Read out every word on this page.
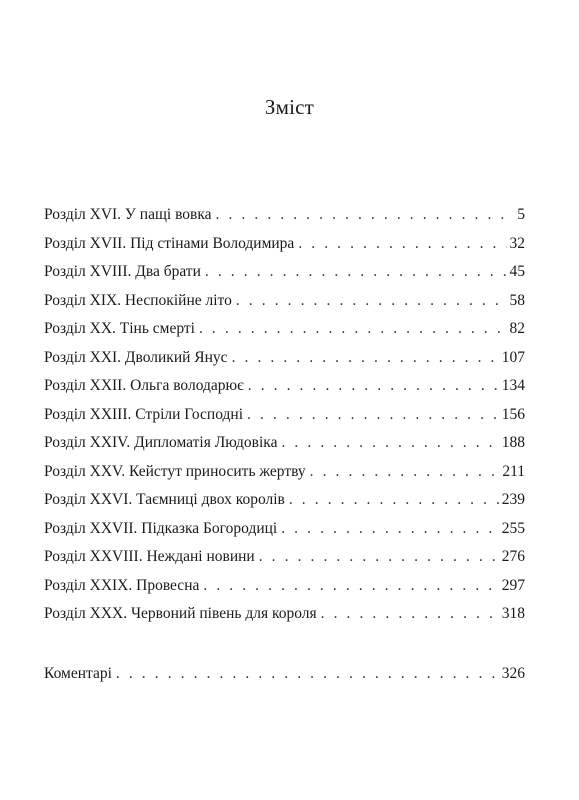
Зміст
Розділ XVI. У пащі вовка . . .	5
Розділ XVII. Під стінами Володимира . . .	32
Розділ XVIII. Два брати . . .	45
Розділ XIX. Неспокійне літо . . .	58
Розділ XX. Тінь смерті . . .	82
Розділ XXI. Дволикий Янус . . .	107
Розділ XXII. Ольга володарює . . .	134
Розділ XXIII. Стріли Господні . . .	156
Розділ XXIV. Дипломатія Людовіка . . .	188
Розділ XXV. Кейстут приносить жертву . . .	211
Розділ XXVI. Таємниці двох королів . . .	239
Розділ XXVII. Підказка Богородиці . . .	255
Розділ XXVIII. Неждані новини . . .	276
Розділ XXIX. Провесна . . .	297
Розділ XXX. Червоний півень для короля . . .	318
Коментарі . . .	326
